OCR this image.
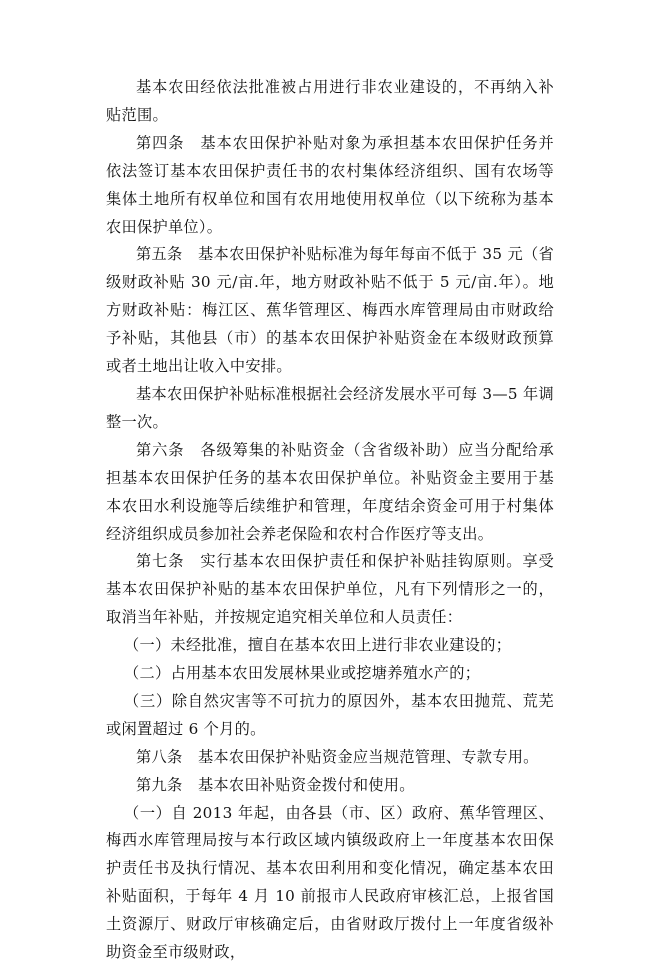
基本农田经依法批准被占用进行非农业建设的，不再纳入补贴范围。

第四条　基本农田保护补贴对象为承担基本农田保护任务并依法签订基本农田保护责任书的农村集体经济组织、国有农场等集体土地所有权单位和国有农用地使用权单位（以下统称为基本农田保护单位）。

第五条　基本农田保护补贴标准为每年每亩不低于 35 元（省级财政补贴 30 元/亩.年，地方财政补贴不低于 5 元/亩.年）。地方财政补贴：梅江区、蕉华管理区、梅西水库管理局由市财政给予补贴，其他县（市）的基本农田保护补贴资金在本级财政预算或者土地出让收入中安排。

基本农田保护补贴标准根据社会经济发展水平可每 3—5 年调整一次。

第六条　各级筹集的补贴资金（含省级补助）应当分配给承担基本农田保护任务的基本农田保护单位。补贴资金主要用于基本农田水利设施等后续维护和管理，年度结余资金可用于村集体经济组织成员参加社会养老保险和农村合作医疗等支出。

第七条　实行基本农田保护责任和保护补贴挂钩原则。享受基本农田保护补贴的基本农田保护单位，凡有下列情形之一的，取消当年补贴，并按规定追究相关单位和人员责任：

（一）未经批准，擅自在基本农田上进行非农业建设的；

（二）占用基本农田发展林果业或挖塘养殖水产的；

（三）除自然灾害等不可抗力的原因外，基本农田抛荒、荒芜或闲置超过 6 个月的。

第八条　基本农田保护补贴资金应当规范管理、专款专用。

第九条　基本农田补贴资金拨付和使用。

（一）自 2013 年起，由各县（市、区）政府、蕉华管理区、梅西水库管理局按与本行政区域内镇级政府上一年度基本农田保护责任书及执行情况、基本农田利用和变化情况，确定基本农田补贴面积，于每年 4 月 10 前报市人民政府审核汇总，上报省国土资源厅、财政厅审核确定后，由省财政厅拨付上一年度省级补助资金至市级财政，
